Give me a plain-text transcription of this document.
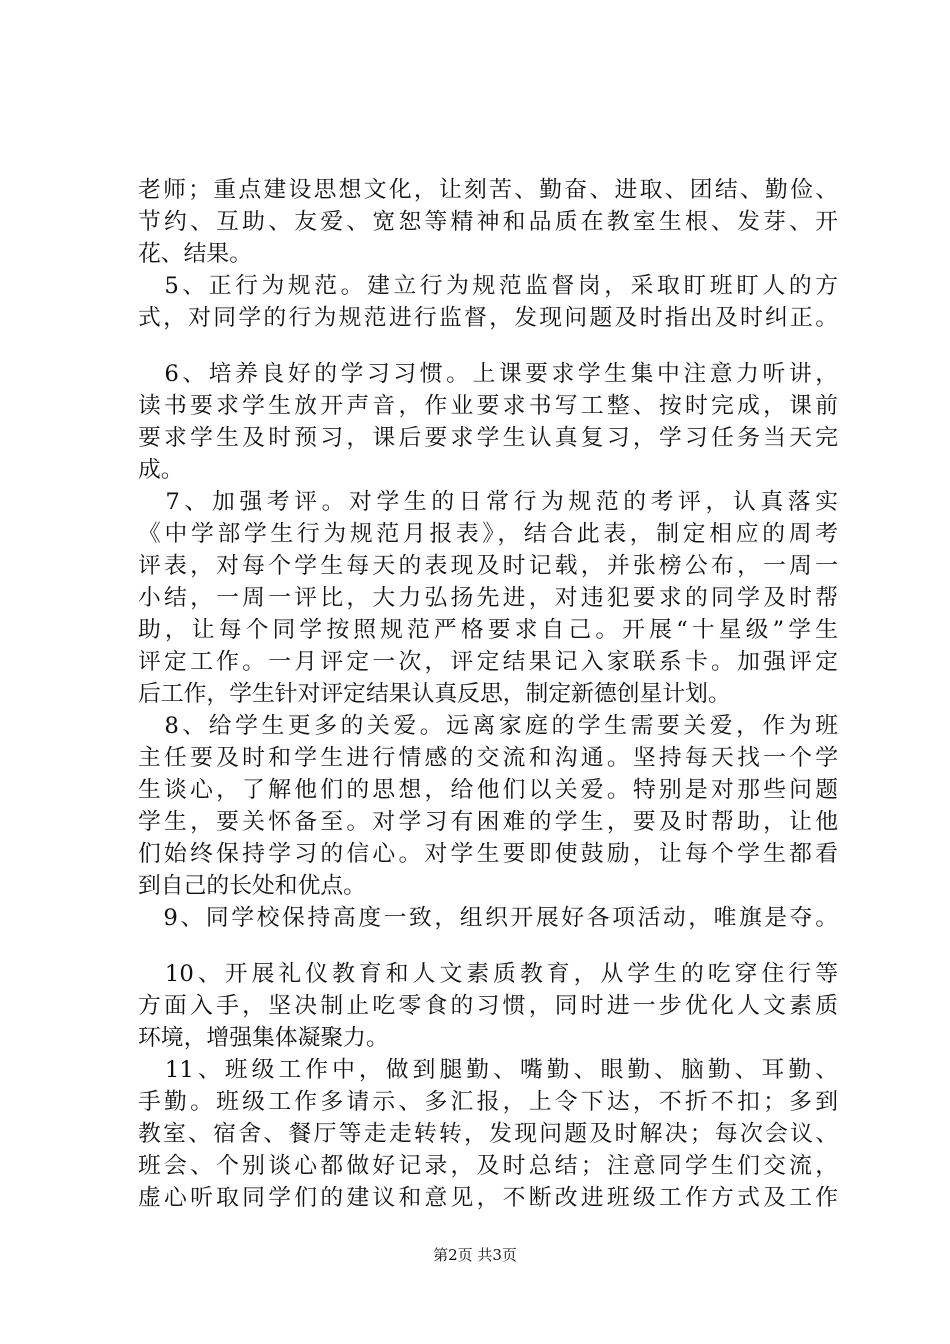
老师；重点建设思想文化，让刻苦、勤奋、进取、团结、勤俭、
节约、互助、友爱、宽恕等精神和品质在教室生根、发芽、开
花、结果。
　5、正行为规范。建立行为规范监督岗，采取盯班盯人的方
式，对同学的行为规范进行监督，发现问题及时指出及时纠正。
　6、培养良好的学习习惯。上课要求学生集中注意力听讲，
读书要求学生放开声音，作业要求书写工整、按时完成，课前
要求学生及时预习，课后要求学生认真复习，学习任务当天完
成。
　7、加强考评。对学生的日常行为规范的考评，认真落实
《中学部学生行为规范月报表》，结合此表，制定相应的周考
评表，对每个学生每天的表现及时记载，并张榜公布，一周一
小结，一周一评比，大力弘扬先进，对违犯要求的同学及时帮
助，让每个同学按照规范严格要求自己。开展“十星级”学生
评定工作。一月评定一次，评定结果记入家联系卡。加强评定
后工作，学生针对评定结果认真反思，制定新德创星计划。
　8、给学生更多的关爱。远离家庭的学生需要关爱，作为班
主任要及时和学生进行情感的交流和沟通。坚持每天找一个学
生谈心，了解他们的思想，给他们以关爱。特别是对那些问题
学生，要关怀备至。对学习有困难的学生，要及时帮助，让他
们始终保持学习的信心。对学生要即使鼓励，让每个学生都看
到自己的长处和优点。
　9、同学校保持高度一致，组织开展好各项活动，唯旗是夺。
　10、开展礼仪教育和人文素质教育，从学生的吃穿住行等
方面入手，坚决制止吃零食的习惯，同时进一步优化人文素质
环境，增强集体凝聚力。
　11、班级工作中，做到腿勤、嘴勤、眼勤、脑勤、耳勤、
手勤。班级工作多请示、多汇报，上令下达，不折不扣；多到
教室、宿舍、餐厅等走走转转，发现问题及时解决；每次会议、
班会、个别谈心都做好记录，及时总结；注意同学生们交流，
虚心听取同学们的建议和意见，不断改进班级工作方式及工作
第2页 共3页
